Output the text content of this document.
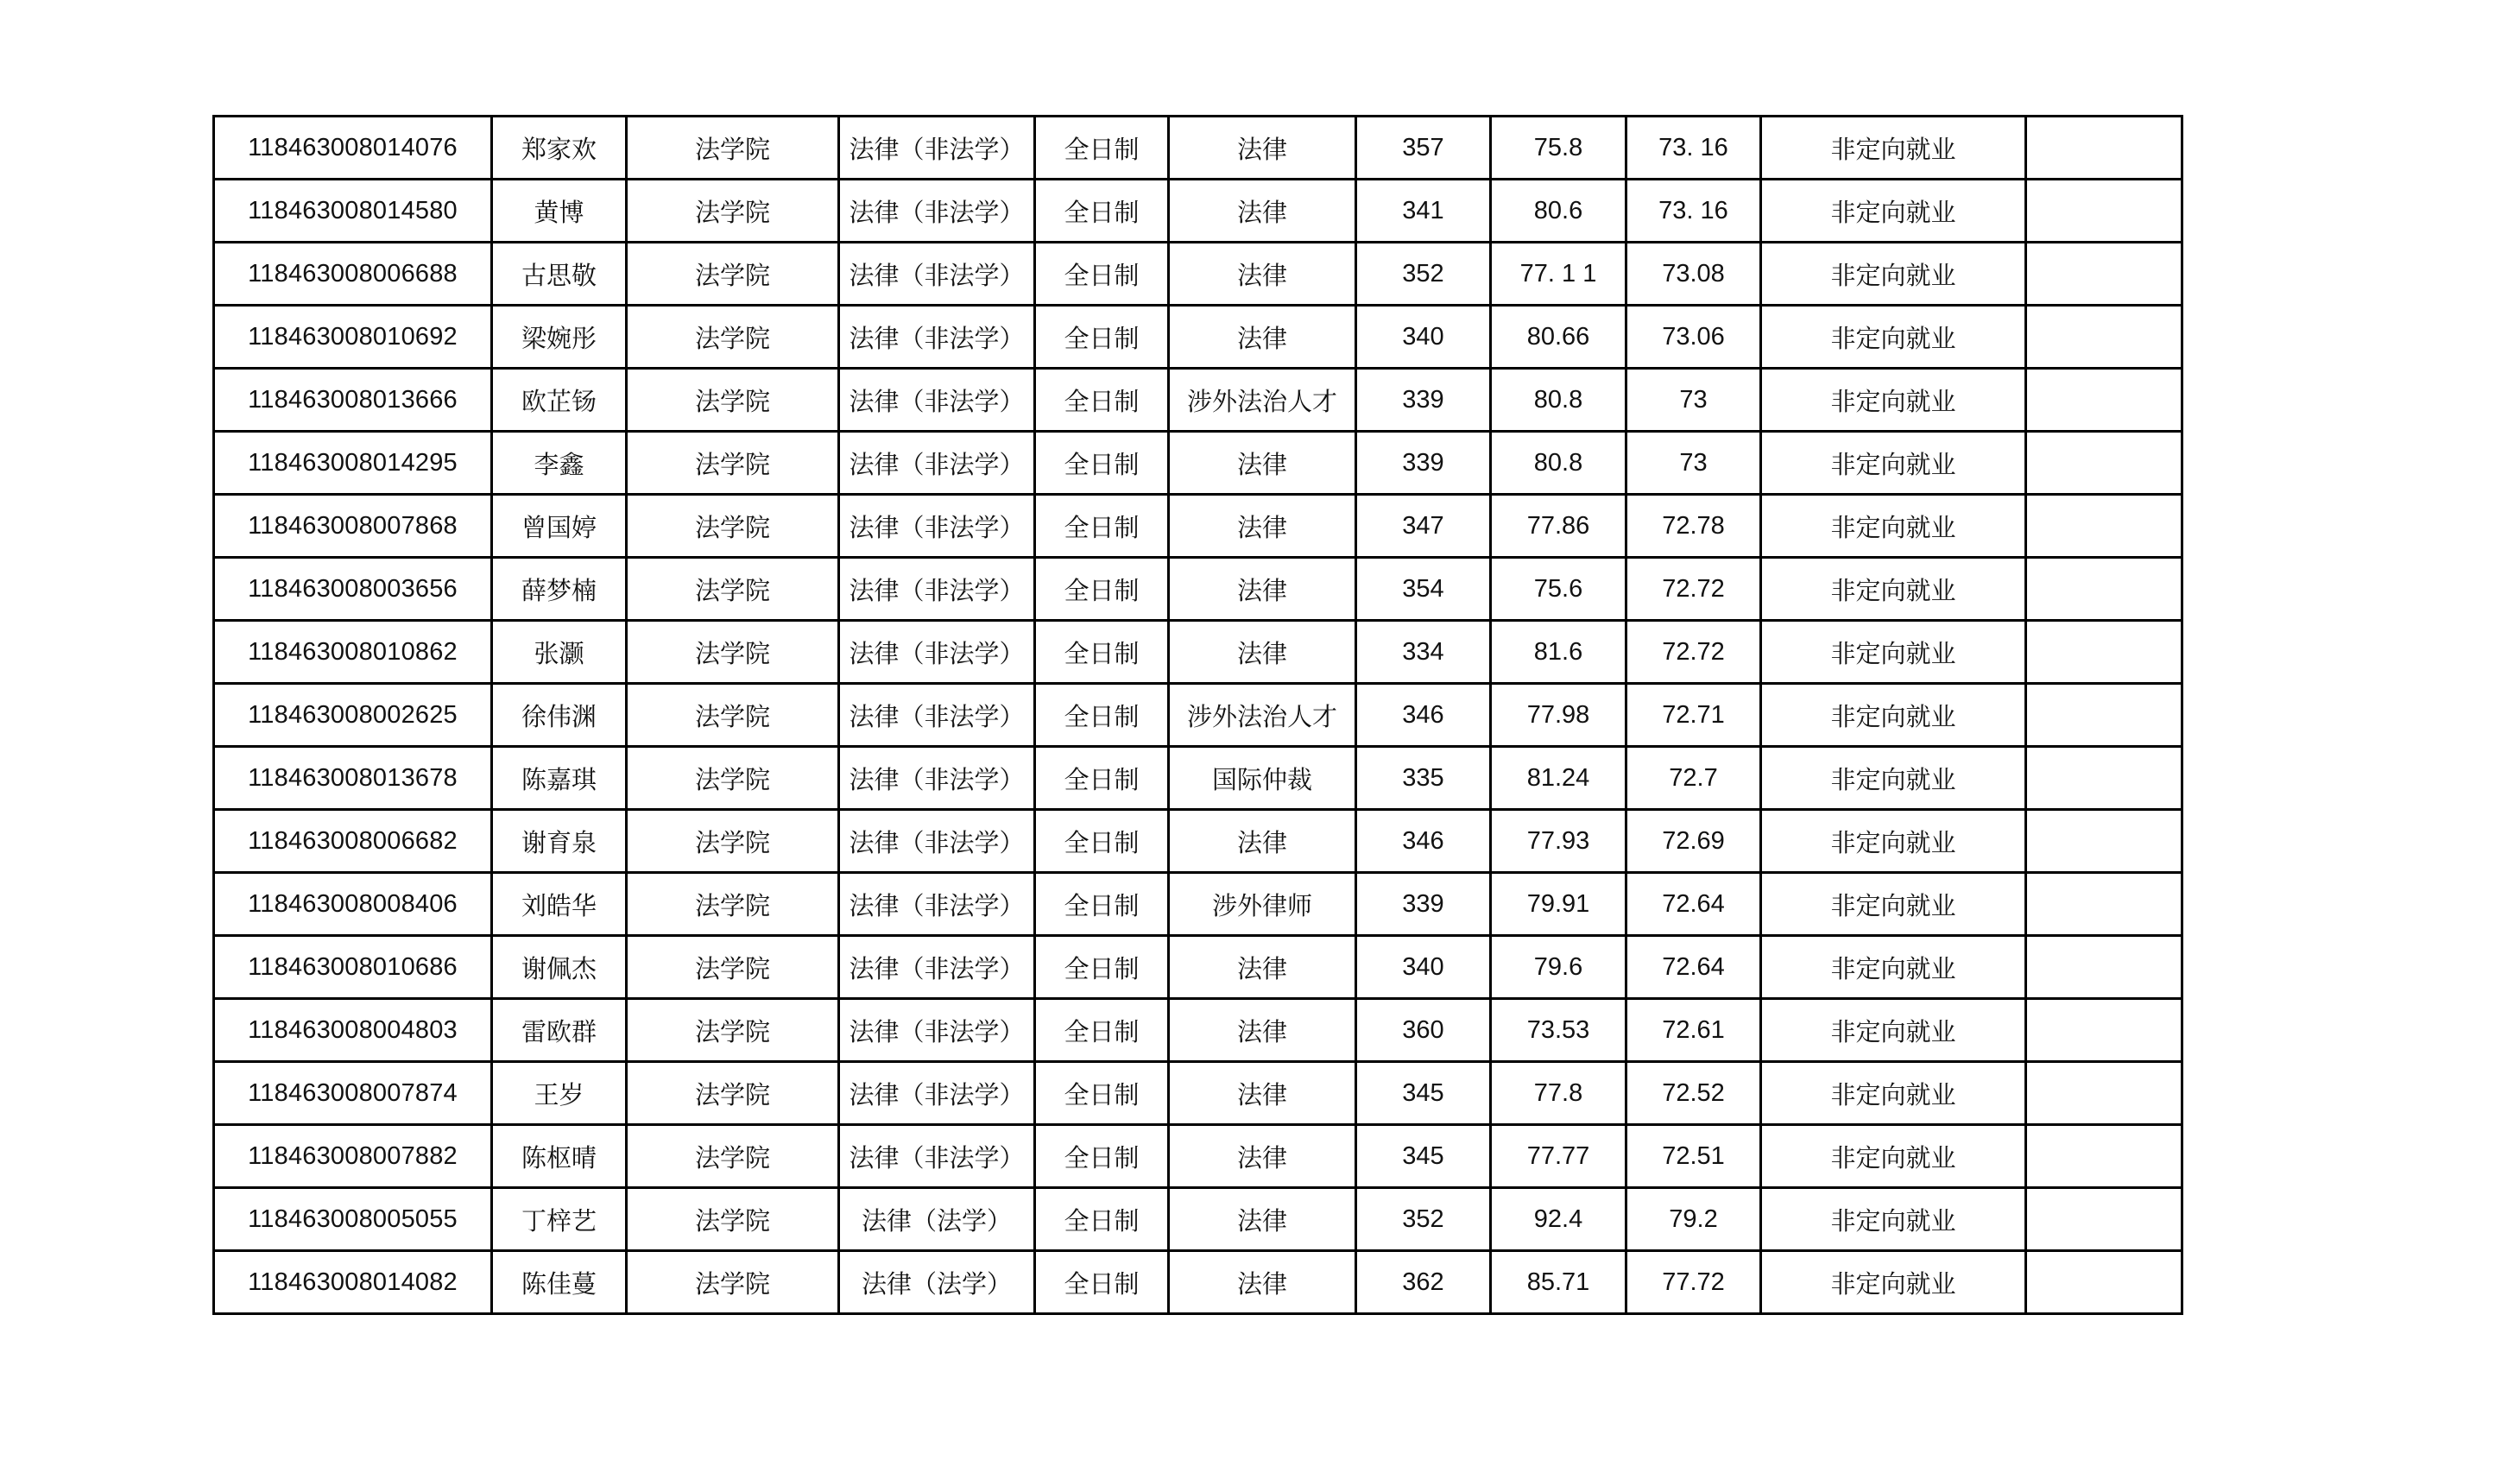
118463008014076	郑家欢	法学院	法律（非法学）	全日制	法律	357	75.8	73. 16	非定向就业	
118463008014580	黄博	法学院	法律（非法学）	全日制	法律	341	80.6	73. 16	非定向就业	
118463008006688	古思敬	法学院	法律（非法学）	全日制	法律	352	77. 1 1	73.08	非定向就业	
118463008010692	梁婉彤	法学院	法律（非法学）	全日制	法律	340	80.66	73.06	非定向就业	
118463008013666	欧芷钖	法学院	法律（非法学）	全日制	涉外法治人才	339	80.8	73	非定向就业	
118463008014295	李鑫	法学院	法律（非法学）	全日制	法律	339	80.8	73	非定向就业	
118463008007868	曾国婷	法学院	法律（非法学）	全日制	法律	347	77.86	72.78	非定向就业	
118463008003656	薛梦楠	法学院	法律（非法学）	全日制	法律	354	75.6	72.72	非定向就业	
118463008010862	张灏	法学院	法律（非法学）	全日制	法律	334	81.6	72.72	非定向就业	
118463008002625	徐伟渊	法学院	法律（非法学）	全日制	涉外法治人才	346	77.98	72.71	非定向就业	
118463008013678	陈嘉琪	法学院	法律（非法学）	全日制	国际仲裁	335	81.24	72.7	非定向就业	
118463008006682	谢育泉	法学院	法律（非法学）	全日制	法律	346	77.93	72.69	非定向就业	
118463008008406	刘皓华	法学院	法律（非法学）	全日制	涉外律师	339	79.91	72.64	非定向就业	
118463008010686	谢佩杰	法学院	法律（非法学）	全日制	法律	340	79.6	72.64	非定向就业	
118463008004803	雷欧群	法学院	法律（非法学）	全日制	法律	360	73.53	72.61	非定向就业	
118463008007874	王岁	法学院	法律（非法学）	全日制	法律	345	77.8	72.52	非定向就业	
118463008007882	陈枢晴	法学院	法律（非法学）	全日制	法律	345	77.77	72.51	非定向就业	
118463008005055	丁梓艺	法学院	法律（法学）	全日制	法律	352	92.4	79.2	非定向就业	
118463008014082	陈佳蔓	法学院	法律（法学）	全日制	法律	362	85.71	77.72	非定向就业	
